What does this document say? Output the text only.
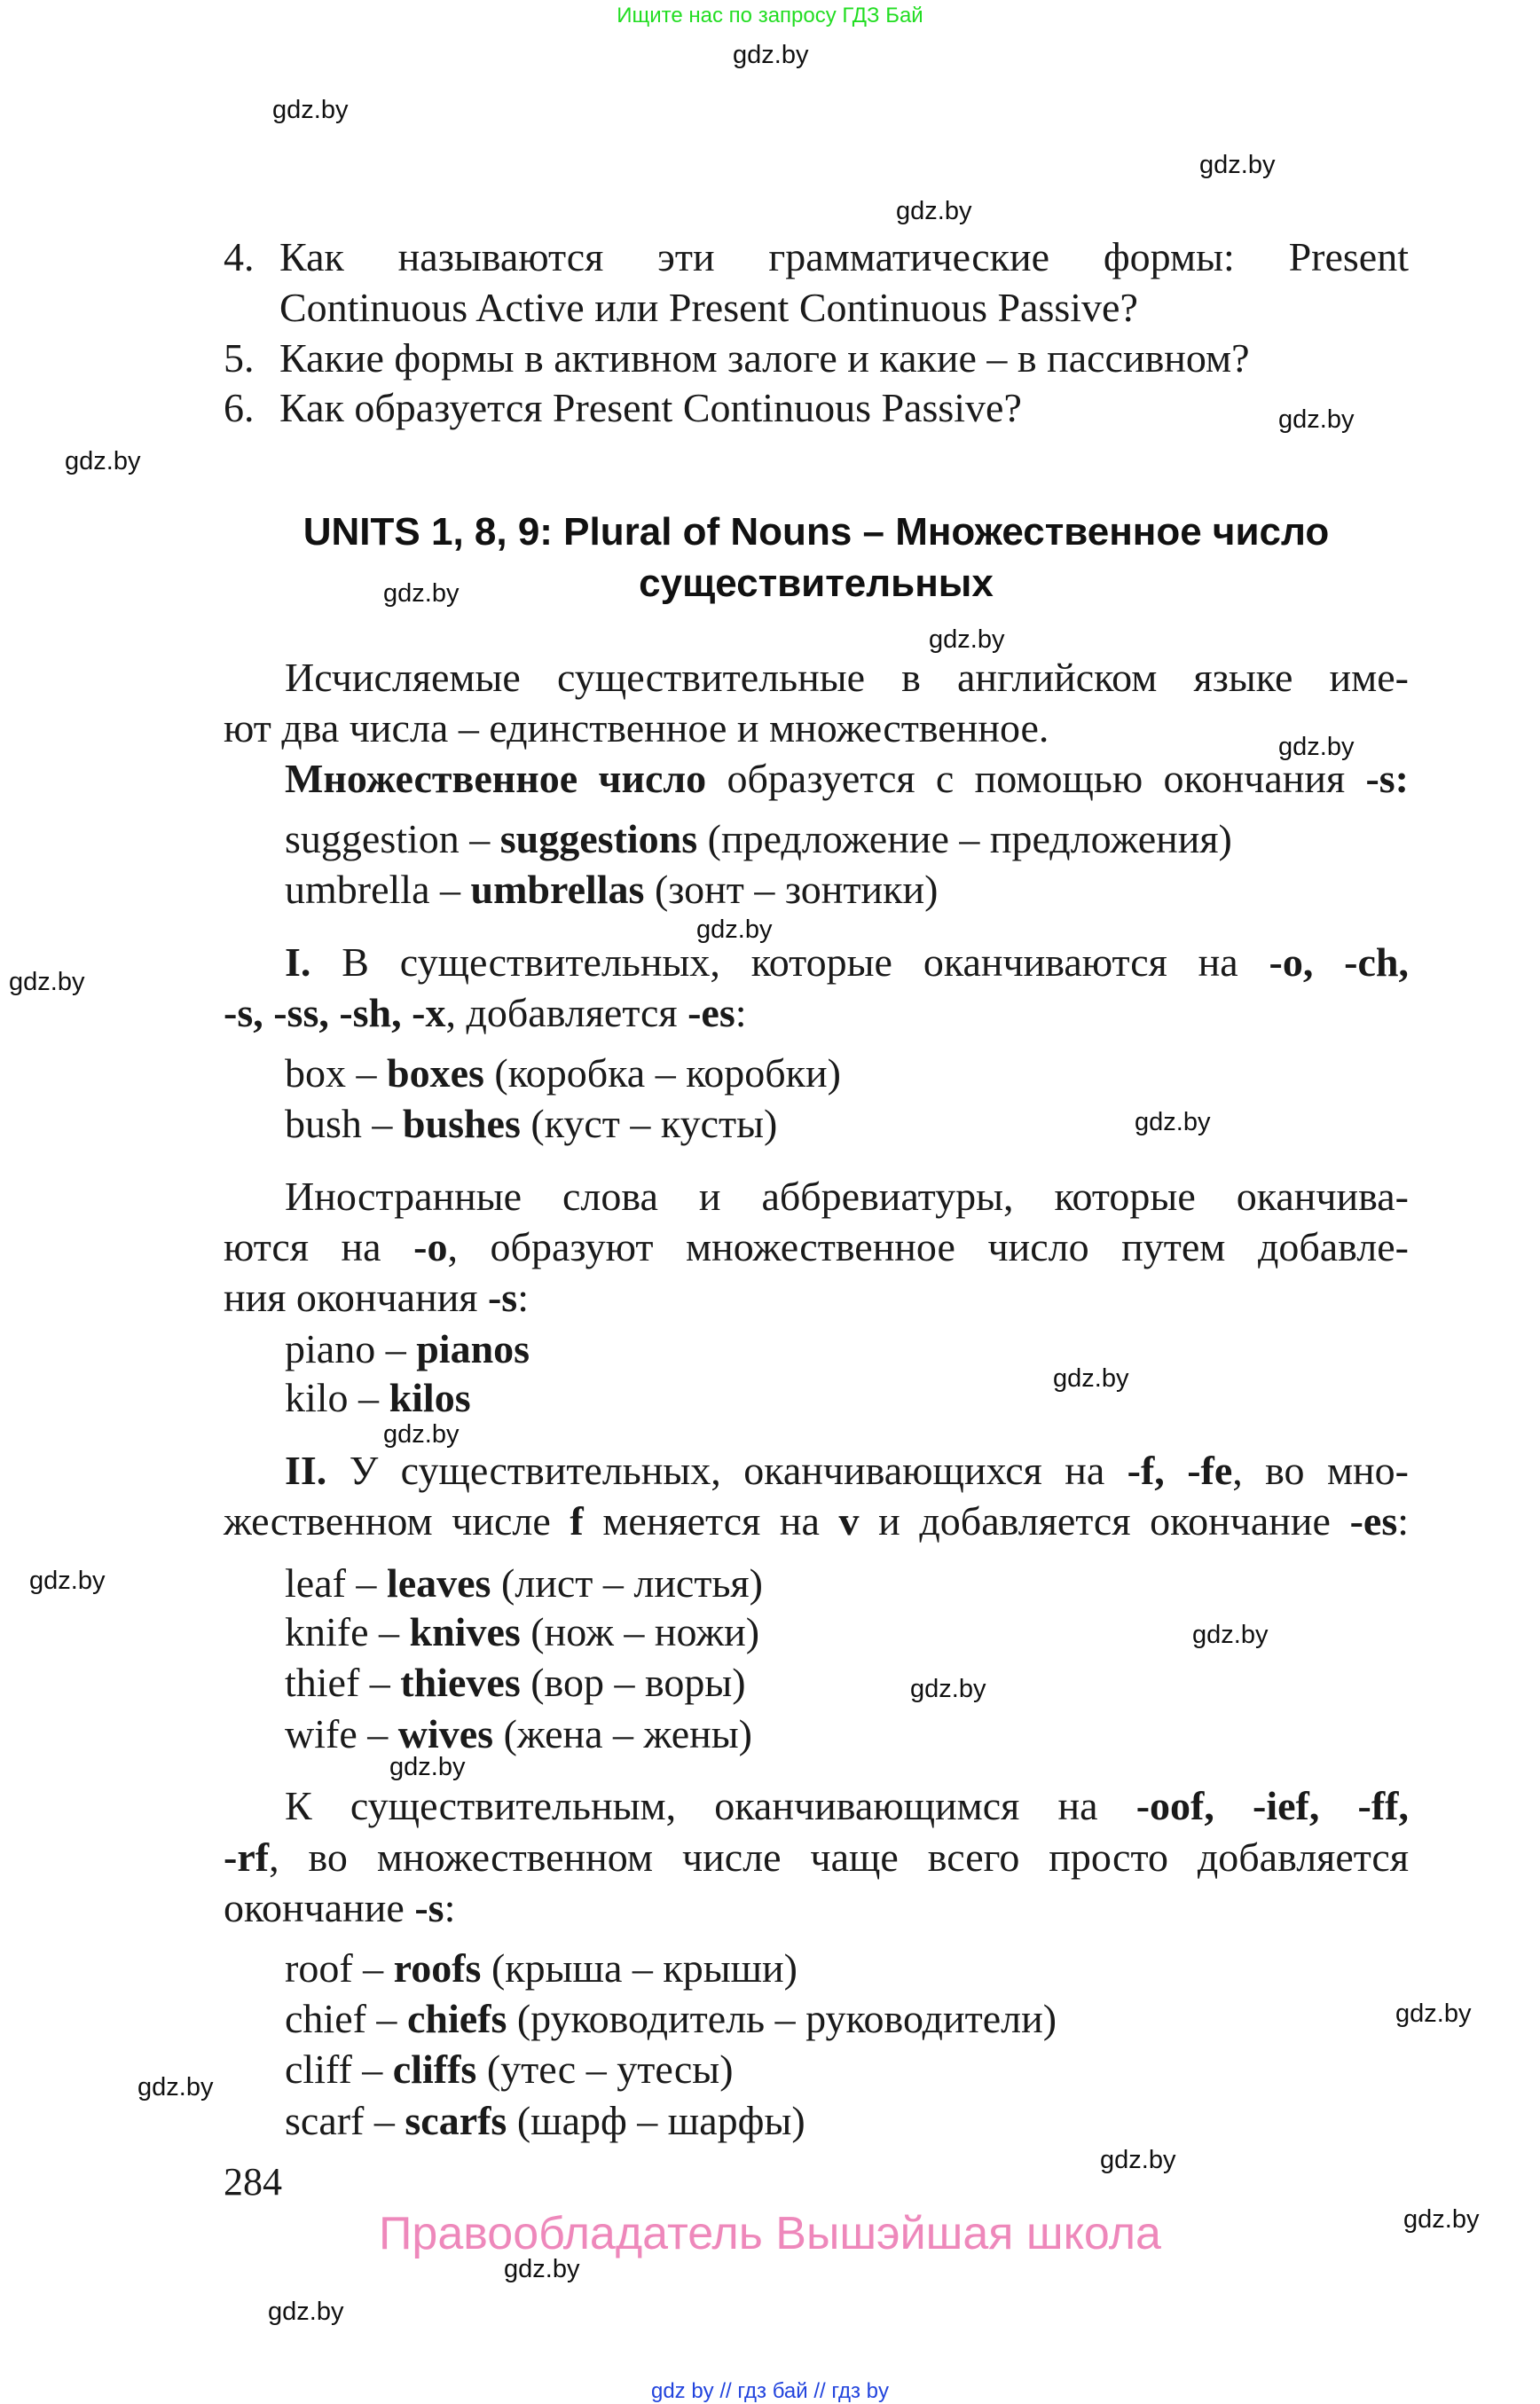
Ищите нас по запросу ГДЗ Бай
4. Как называются эти грамматические формы: Present
Continuous Active или Present Continuous Passive?
5. Какие формы в активном залоге и какие – в пассивном?
6. Как образуется Present Continuous Passive?
UNITS 1, 8, 9: Plural of Nouns – Множественное число
существительных
Исчисляемые существительные в английском языке име-
ют два числа – единственное и множественное.
Множественное число образуется с помощью окончания -s:
suggestion – suggestions (предложение – предложения)
umbrella – umbrellas (зонт – зонтики)
I. В существительных, которые оканчиваются на -o, -ch,
-s, -ss, -sh, -x, добавляется -es:
box – boxes (коробка – коробки)
bush – bushes (куст – кусты)
Иностранные слова и аббревиатуры, которые оканчива-
ются на -o, образуют множественное число путем добавле-
ния окончания -s:
piano – pianos
kilo – kilos
II. У существительных, оканчивающихся на -f, -fe, во мно-
жественном числе f меняется на v и добавляется окончание -es:
leaf – leaves (лист – листья)
knife – knives (нож – ножи)
thief – thieves (вор – воры)
wife – wives (жена – жены)
К существительным, оканчивающимся на -oof, -ief, -ff,
-rf, во множественном числе чаще всего просто добавляется
окончание -s:
roof – roofs (крыша – крыши)
chief – chiefs (руководитель – руководители)
cliff – cliffs (утес – утесы)
scarf – scarfs (шарф – шарфы)
284
Правообладатель Вышэйшая школа
gdz by // гдз бай // гдз by
gdz.by
gdz.by
gdz.by
gdz.by
gdz.by
gdz.by
gdz.by
gdz.by
gdz.by
gdz.by
gdz.by
gdz.by
gdz.by
gdz.by
gdz.by
gdz.by
gdz.by
gdz.by
gdz.by
gdz.by
gdz.by
gdz.by
gdz.by
gdz.by
